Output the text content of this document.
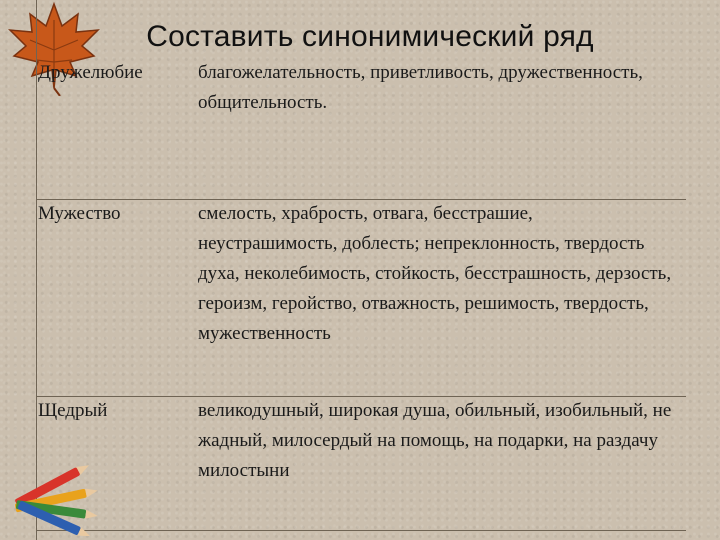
Составить синонимический ряд
Дружелюбие	благожелательность, приветливость, дружественность, общительность.
Мужество	смелость, храбрость, отвага, бесстрашие, неустрашимость, доблесть; непреклонность, твердость духа, неколебимость, стойкость, бесстрашность, дерзость, героизм, геройство, отважность, решимость, твердость, мужественность
Щедрый	великодушный, широкая душа, обильный, изобильный, не жадный, милосердый на помощь, на подарки, на раздачу милостыни
